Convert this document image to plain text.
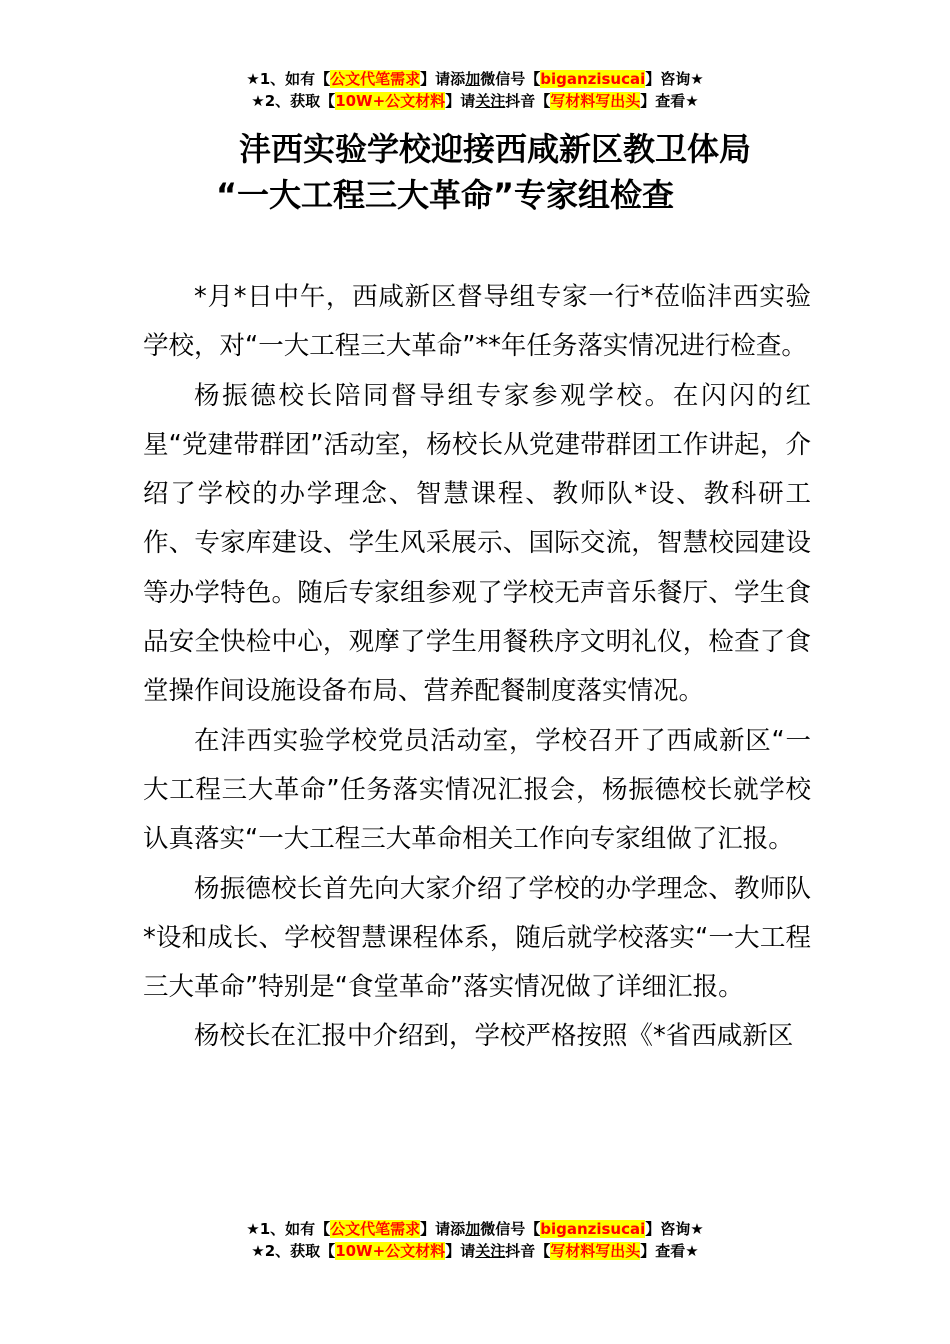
★1、如有【公文代笔需求】请添加微信号【biganzisucai】咨询★
★2、获取【10W+公文材料】请关注抖音【写材料写出头】查看★
沣西实验学校迎接西咸新区教卫体局
“一大工程三大革命”专家组检查

*月*日中午，西咸新区督导组专家一行*莅临沣西实验学校，对“一大工程三大革命”**年任务落实情况进行检查。

杨振德校长陪同督导组专家参观学校。在闪闪的红星“党建带群团”活动室，杨校长从党建带群团工作讲起，介绍了学校的办学理念、智慧课程、教师队*设、教科研工作、专家库建设、学生风采展示、国际交流，智慧校园建设等办学特色。随后专家组参观了学校无声音乐餐厅、学生食品安全快检中心，观摩了学生用餐秩序文明礼仪，检查了食堂操作间设施设备布局、营养配餐制度落实情况。

在沣西实验学校党员活动室，学校召开了西咸新区“一大工程三大革命”任务落实情况汇报会，杨振德校长就学校认真落实“一大工程三大革命相关工作向专家组做了汇报。

杨振德校长首先向大家介绍了学校的办学理念、教师队*设和成长、学校智慧课程体系，随后就学校落实“一大工程三大革命”特别是“食堂革命”落实情况做了详细汇报。

杨校长在汇报中介绍到，学校严格按照《*省西咸新区

★1、如有【公文代笔需求】请添加微信号【biganzisucai】咨询★
★2、获取【10W+公文材料】请关注抖音【写材料写出头】查看★
